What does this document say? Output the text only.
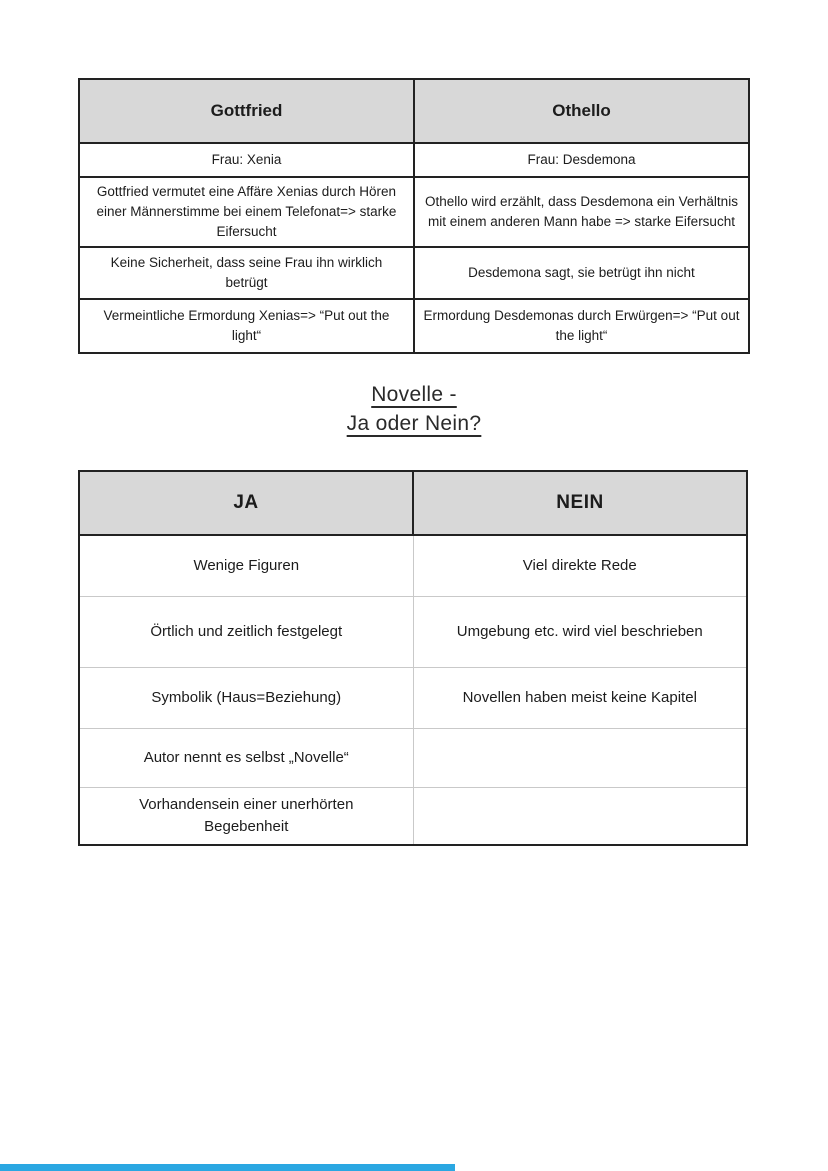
Gottfried	Othello
Frau: Xenia	Frau: Desdemona
Gottfried vermutet eine Affäre Xenias durch Hören einer Männerstimme bei einem Telefonat=> starke Eifersucht	Othello wird erzählt, dass Desdemona ein Verhältnis mit einem anderen Mann habe => starke Eifersucht
Keine Sicherheit, dass seine Frau ihn wirklich betrügt	Desdemona sagt, sie betrügt ihn nicht
Vermeintliche Ermordung Xenias=> “Put out the light“	Ermordung Desdemonas durch Erwürgen=> “Put out the light“
Novelle -
Ja oder Nein?
JA	NEIN
Wenige Figuren	Viel direkte Rede
Örtlich und zeitlich festgelegt	Umgebung etc. wird viel beschrieben
Symbolik (Haus=Beziehung)	Novellen haben meist keine Kapitel
Autor nennt es selbst „Novelle“	
Vorhandensein einer unerhörten Begebenheit	
